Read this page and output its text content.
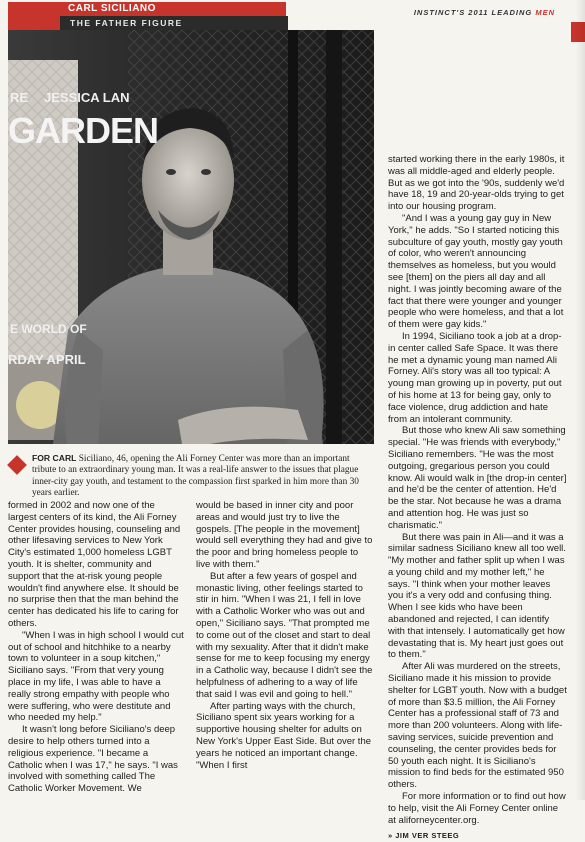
CARL SICILIANO
THE FATHER FIGURE
INSTINCT'S 2011 LEADING MEN
JESSICA LAN
RE
GARDEN
E WORLD OF
RDAY APRIL
FOR CARL Siciliano, 46, opening the Ali Forney Center was more than an important tribute to an extraordinary young man. It was a real-life answer to the issues that plague inner-city gay youth, and testament to the compassion first sparked in him more than 30 years earlier.

formed in 2002 and now one of the largest centers of its kind, the Ali Forney Center provides housing, counseling and other lifesaving services to New York City's estimated 1,000 homeless LGBT youth. It is shelter, community and support that the at-risk young people wouldn't find anywhere else. It should be no surprise then that the man behind the center has dedicated his life to caring for others.

"When I was in high school I would cut out of school and hitchhike to a nearby town to volunteer in a soup kitchen," Siciliano says. "From that very young place in my life, I was able to have a really strong empathy with people who were suffering, who were destitute and who needed my help."

It wasn't long before Siciliano's deep desire to help others turned into a religious experience. "I became a Catholic when I was 17," he says. "I was involved with something called The Catholic Worker Movement. We

would be based in inner city and poor areas and would just try to live the gospels. [The people in the movement] would sell everything they had and give to the poor and bring homeless people to live with them."

But after a few years of gospel and monastic living, other feelings started to stir in him. "When I was 21, I fell in love with a Catholic Worker who was out and open," Siciliano says. "That prompted me to come out of the closet and start to deal with my sexuality. After that it didn't make sense for me to keep focusing my energy in a Catholic way, because I didn't see the helpfulness of adhering to a way of life that said I was evil and going to hell."

After parting ways with the church, Siciliano spent six years working for a supportive housing shelter for adults on New York's Upper East Side. But over the years he noticed an important change. "When I first

started working there in the early 1980s, it was all middle-aged and elderly people. But as we got into the '90s, suddenly we'd have 18, 19 and 20-year-olds trying to get into our housing program.

"And I was a young gay guy in New York," he adds. "So I started noticing this subculture of gay youth, mostly gay youth of color, who weren't announcing themselves as homeless, but you would see [them] on the piers all day and all night. I was jointly becoming aware of the fact that there were younger and younger people who were homeless, and that a lot of them were gay kids."

In 1994, Siciliano took a job at a drop-in center called Safe Space. It was there he met a dynamic young man named Ali Forney. Ali's story was all too typical: A young man growing up in poverty, put out of his home at 13 for being gay, only to face violence, drug addiction and hate from an intolerant community.

But those who knew Ali saw something special. "He was friends with everybody," Siciliano remembers. "He was the most outgoing, gregarious person you could know. Ali would walk in [the drop-in center] and he'd be the center of attention. He'd be the star. Not because he was a drama and attention hog. He was just so charismatic."

But there was pain in Ali—and it was a similar sadness Siciliano knew all too well. "My mother and father split up when I was a young child and my mother left," he says. "I think when your mother leaves you it's a very odd and confusing thing. When I see kids who have been abandoned and rejected, I can identify with that intensely. I automatically get how devastating that is. My heart just goes out to them."

After Ali was murdered on the streets, Siciliano made it his mission to provide shelter for LGBT youth. Now with a budget of more than $3.5 million, the Ali Forney Center has a professional staff of 73 and more than 200 volunteers. Along with life-saving services, suicide prevention and counseling, the center provides beds for 50 youth each night. It is Siciliano's mission to find beds for the estimated 950 others.

For more information or to find out how to help, visit the Ali Forney Center online at aliforneycenter.org.

» JIM VER STEEG
